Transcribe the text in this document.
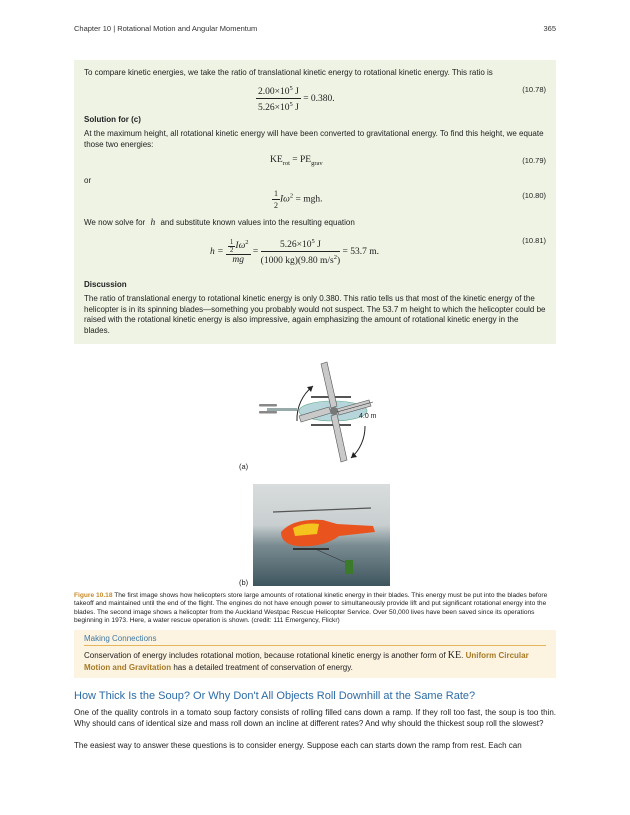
Chapter 10 | Rotational Motion and Angular Momentum	365

To compare kinetic energies, we take the ratio of translational kinetic energy to rotational kinetic energy. This ratio is

$\frac{2.00\times 10^5 J}{5.26\times 10^5 J} = 0.380$.
(10.78)

Solution for (c)

At the maximum height, all rotational kinetic energy will have been converted to gravitational energy. To find this height, we equate those two energies:

$KE_{rot} = PE_{grav}$	(10.79)

or

$\frac{1}{2} I\omega^2$ = mgh.	(10.80)

We now solve for h and substitute known values into the resulting equation

$h = \frac{\frac{1}{2} I\omega^2}{mg} = \frac{5.26\times 10^5 J}{(1000 kg)(9.80 m/s^2)} = 53.7$ m.
(10.81)

Discussion

The ratio of translational energy to rotational kinetic energy is only 0.380. This ratio tells us that most of the kinetic energy of the helicopter is in its spinning blades—something you probably would not suspect. The 53.7 m height to which the helicopter could be raised with the rotational kinetic energy is also impressive, again emphasizing the amount of rotational kinetic energy in the blades.

4.0 m
(a)
(b)
Figure 10.18 The first image shows how helicopters store large amounts of rotational kinetic energy in their blades. This energy must be put into the blades before takeoff and maintained until the end of the flight. The engines do not have enough power to simultaneously provide lift and put significant rotational energy into the blades. The second image shows a helicopter from the Auckland Westpac Rescue Helicopter Service. Over 50,000 lives have been saved since its operations beginning in 1973. Here, a water rescue operation is shown. (credit: 111 Emergency, Flickr)
Making Connections
Conservation of energy includes rotational motion, because rotational kinetic energy is another form of KE. Uniform Circular Motion and Gravitation has a detailed treatment of conservation of energy.
How Thick Is the Soup? Or Why Don't All Objects Roll Downhill at the Same Rate?

One of the quality controls in a tomato soup factory consists of rolling filled cans down a ramp. If they roll too fast, the soup is too thin. Why should cans of identical size and mass roll down an incline at different rates? And why should the thickest soup roll the slowest?

The easiest way to answer these questions is to consider energy. Suppose each can starts down the ramp from rest. Each can
